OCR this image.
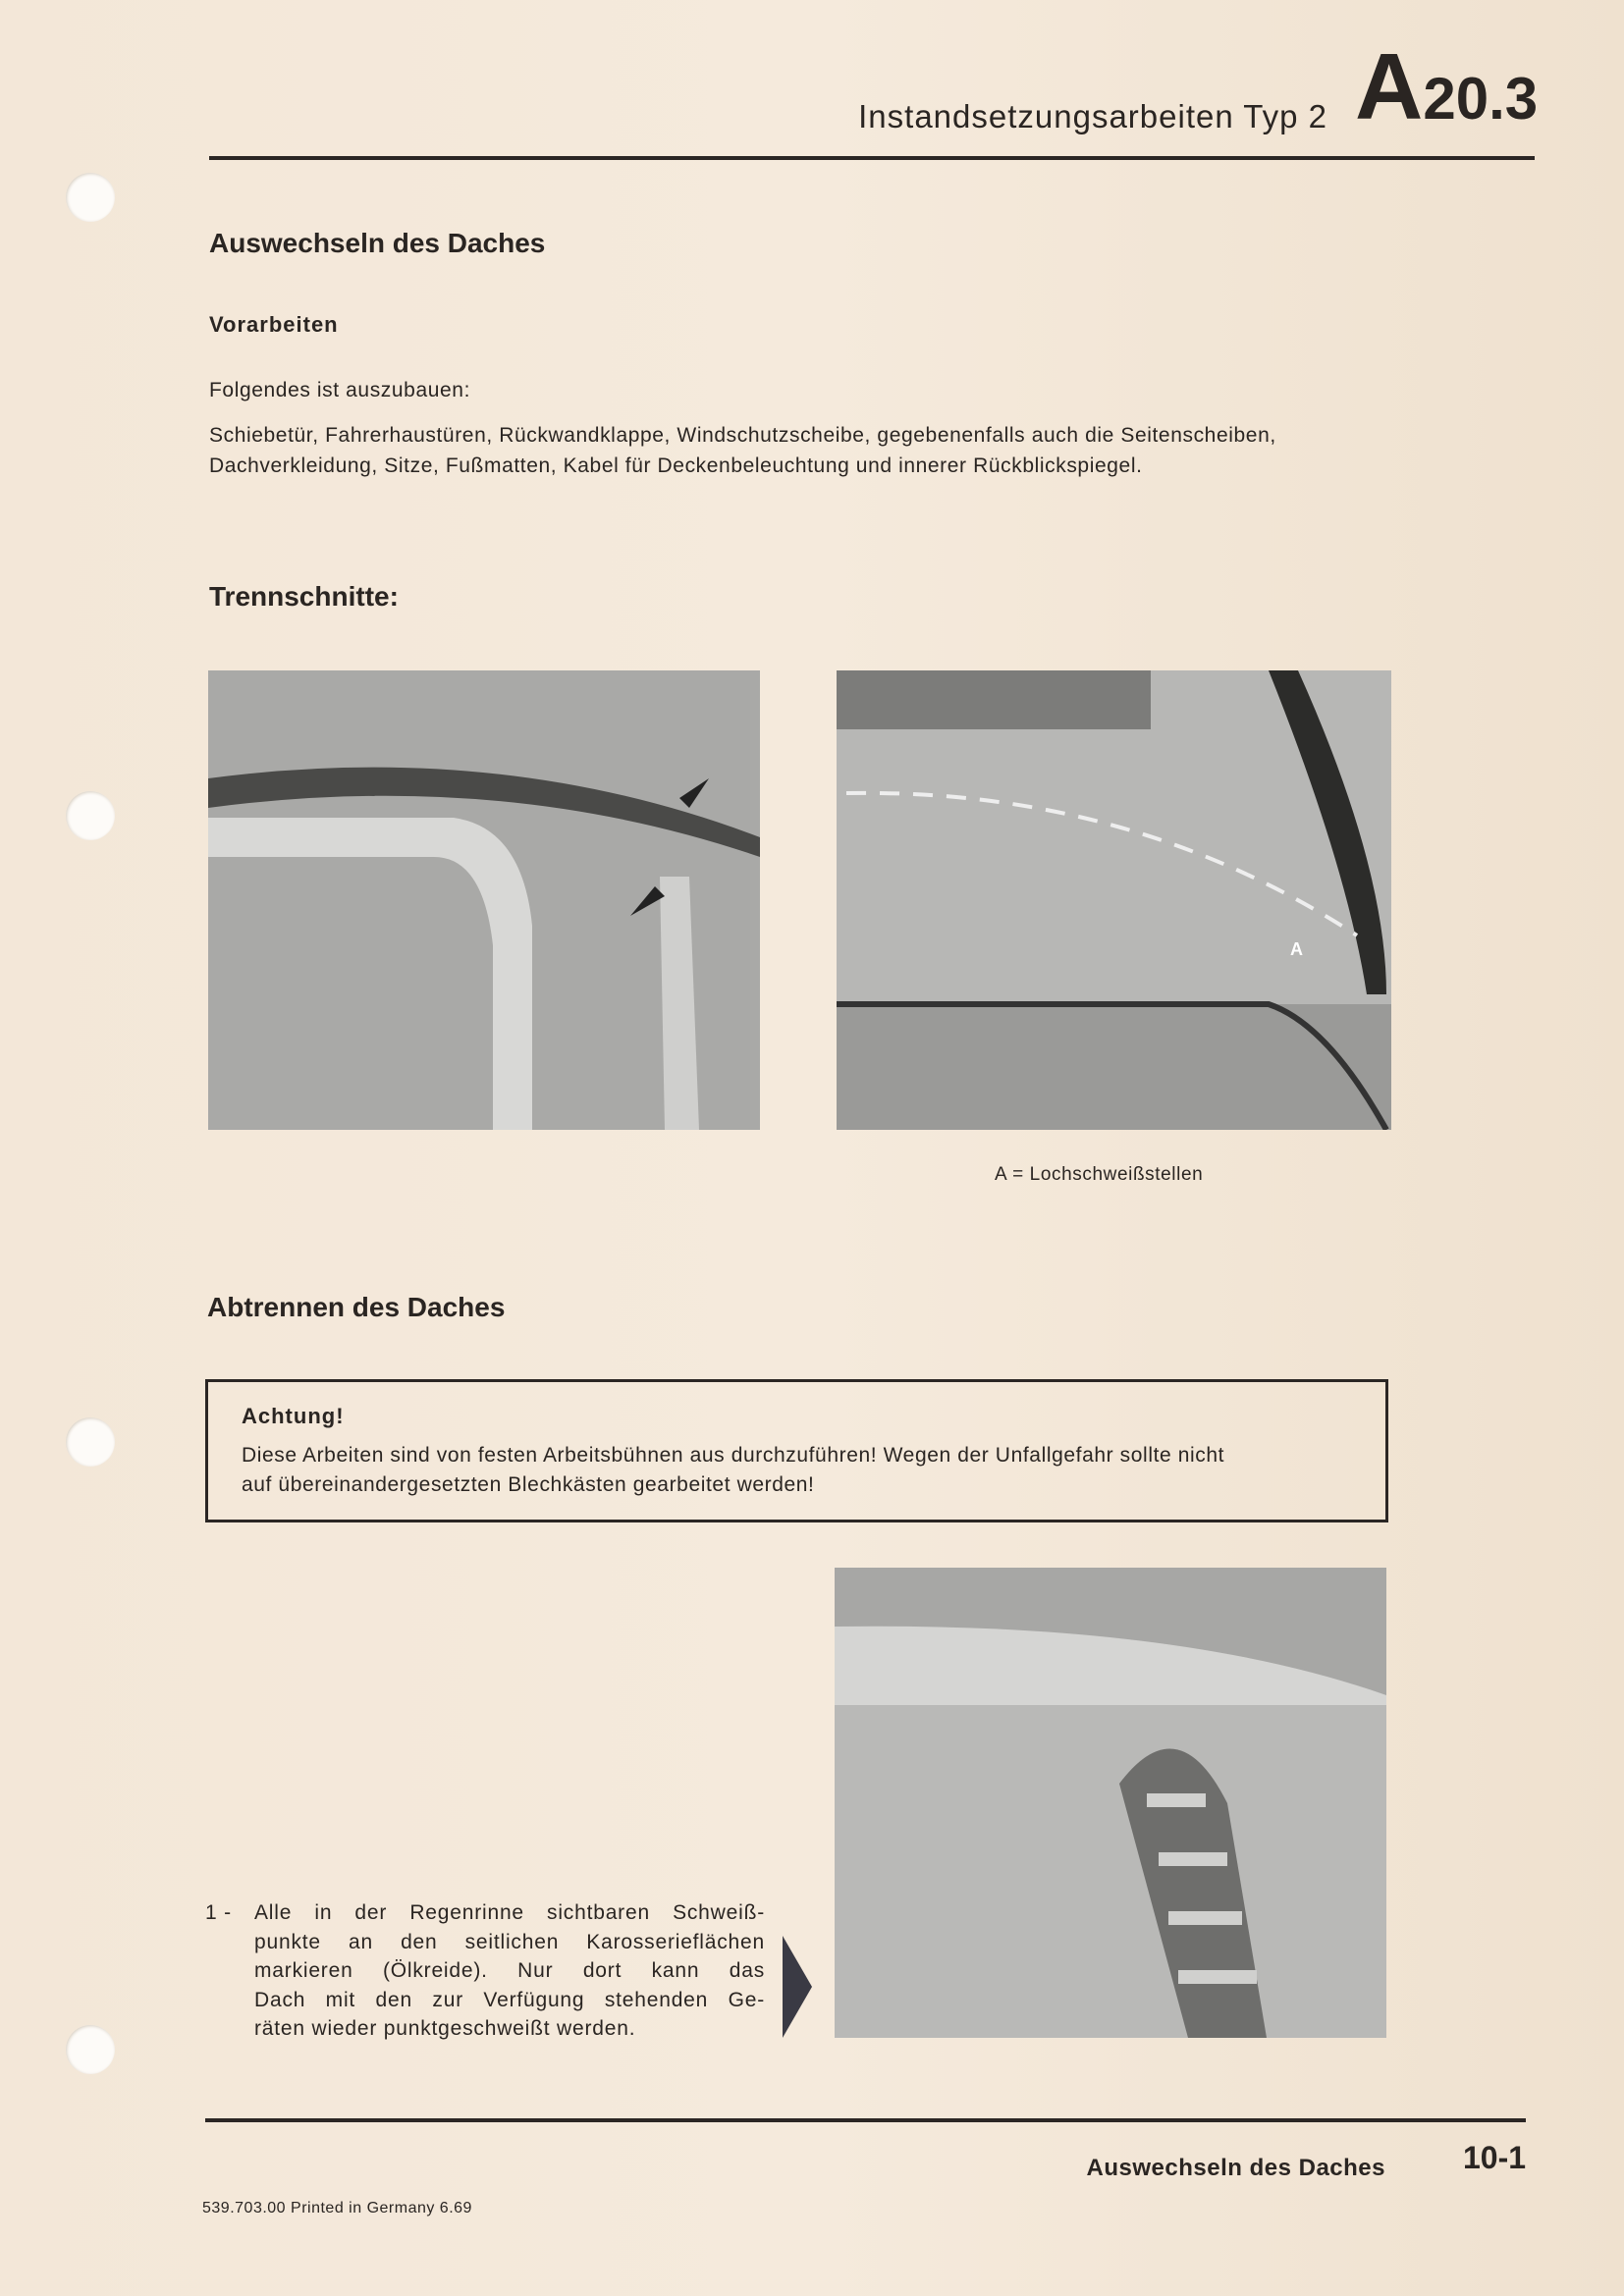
Instandsetzungsarbeiten Typ 2 A20.3
Auswechseln des Daches
Vorarbeiten
Folgendes ist auszubauen:
Schiebetür, Fahrerhaustüren, Rückwandklappe, Windschutzscheibe, gegebenenfalls auch die Seitenscheiben,
Dachverkleidung, Sitze, Fußmatten, Kabel für Deckenbeleuchtung und innerer Rückblickspiegel.
Trennschnitte:
A
A = Lochschweißstellen
Abtrennen des Daches
Achtung!
Diese Arbeiten sind von festen Arbeitsbühnen aus durchzuführen! Wegen der Unfallgefahr sollte nicht
auf übereinandergesetzten Blechkästen gearbeitet werden!
1 - Alle in der Regenrinne sichtbaren Schweiß-
punkte an den seitlichen Karosserieflächen
markieren (Ölkreide). Nur dort kann das
Dach mit den zur Verfügung stehenden Ge-
räten wieder punktgeschweißt werden.
Auswechseln des Daches 10-1
539.703.00 Printed in Germany 6.69
